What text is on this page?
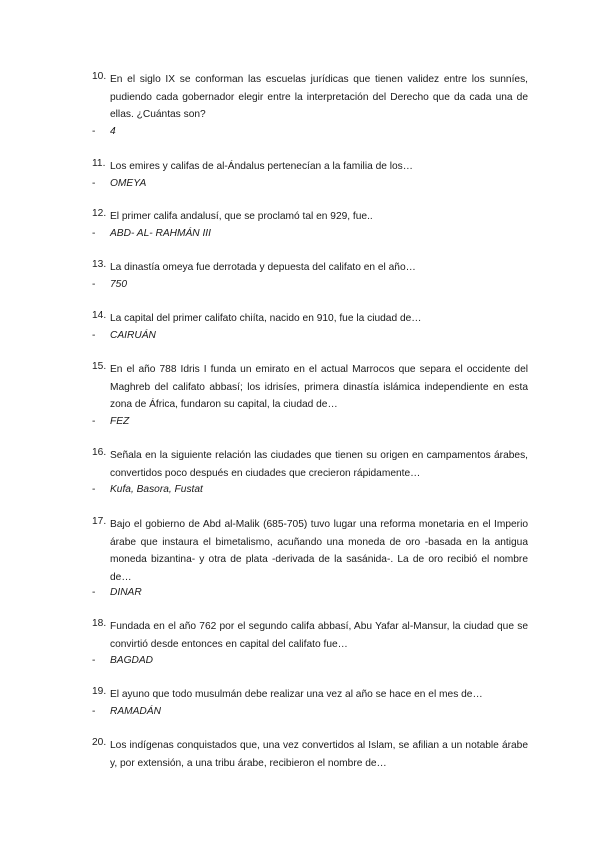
10. En el siglo IX se conforman las escuelas jurídicas que tienen validez entre los sunníes, pudiendo cada gobernador elegir entre la interpretación del Derecho que da cada una de ellas. ¿Cuántas son?
- 4
11. Los emires y califas de al-Ándalus pertenecían a la familia de los…
- OMEYA
12. El primer califa andalusí, que se proclamó tal en 929, fue..
- ABD- AL- RAHMÁN III
13. La dinastía omeya fue derrotada y depuesta del califato en el año…
- 750
14. La capital del primer califato chiíta, nacido en 910, fue la ciudad de…
- CAIRUÁN
15. En el año 788 Idris I funda un emirato en el actual Marrocos que separa el occidente del Maghreb del califato abbasí; los idrisíes, primera dinastía islámica independiente en esta zona de África, fundaron su capital, la ciudad de…
- FEZ
16. Señala en la siguiente relación las ciudades que tienen su origen en campamentos árabes, convertidos poco después en ciudades que crecieron rápidamente…
- Kufa, Basora, Fustat
17. Bajo el gobierno de Abd al-Malik (685-705) tuvo lugar una reforma monetaria en el Imperio árabe que instaura el bimetalismo, acuñando una moneda de oro -basada en la antigua moneda bizantina- y otra de plata -derivada de la sasánida-. La de oro recibió el nombre de…
- DINAR
18. Fundada en el año 762 por el segundo califa abbasí, Abu Yafar al-Mansur, la ciudad que se convirtió desde entonces en capital del califato fue…
- BAGDAD
19. El ayuno que todo musulmán debe realizar una vez al año se hace en el mes de…
- RAMADÁN
20. Los indígenas conquistados que, una vez convertidos al Islam, se afilian a un notable árabe y, por extensión, a una tribu árabe, recibieron el nombre de…
